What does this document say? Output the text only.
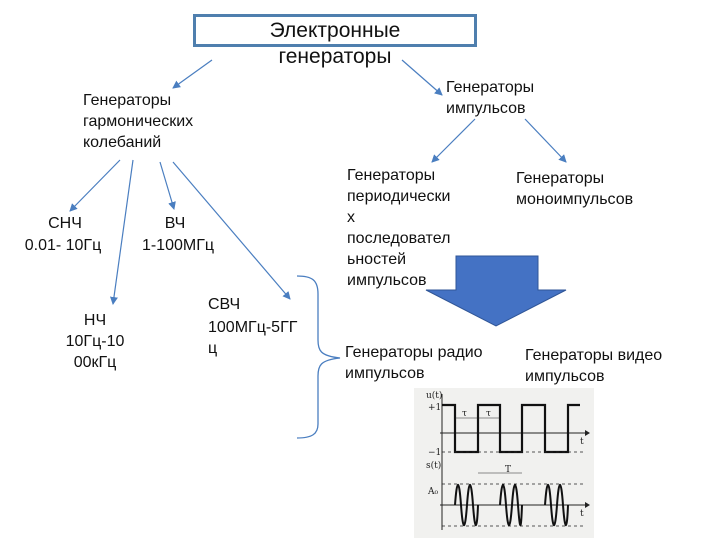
Электронные
генераторы
Генераторы
гармонических
колебаний
Генераторы
импульсов
Генераторы
периодически
х
последовател
ьностей
импульсов
Генераторы
моноимпульсов
СНЧ
0.01- 10Гц
ВЧ
1-100МГц
НЧ
10Гц-10
00кГц
СВЧ
100МГц-5ГГ
ц	Генераторы радио
импульсов
Генераторы видео
импульсов
u(t)
+1
−1
t
τ τ
s(t)
A₀
t
T
